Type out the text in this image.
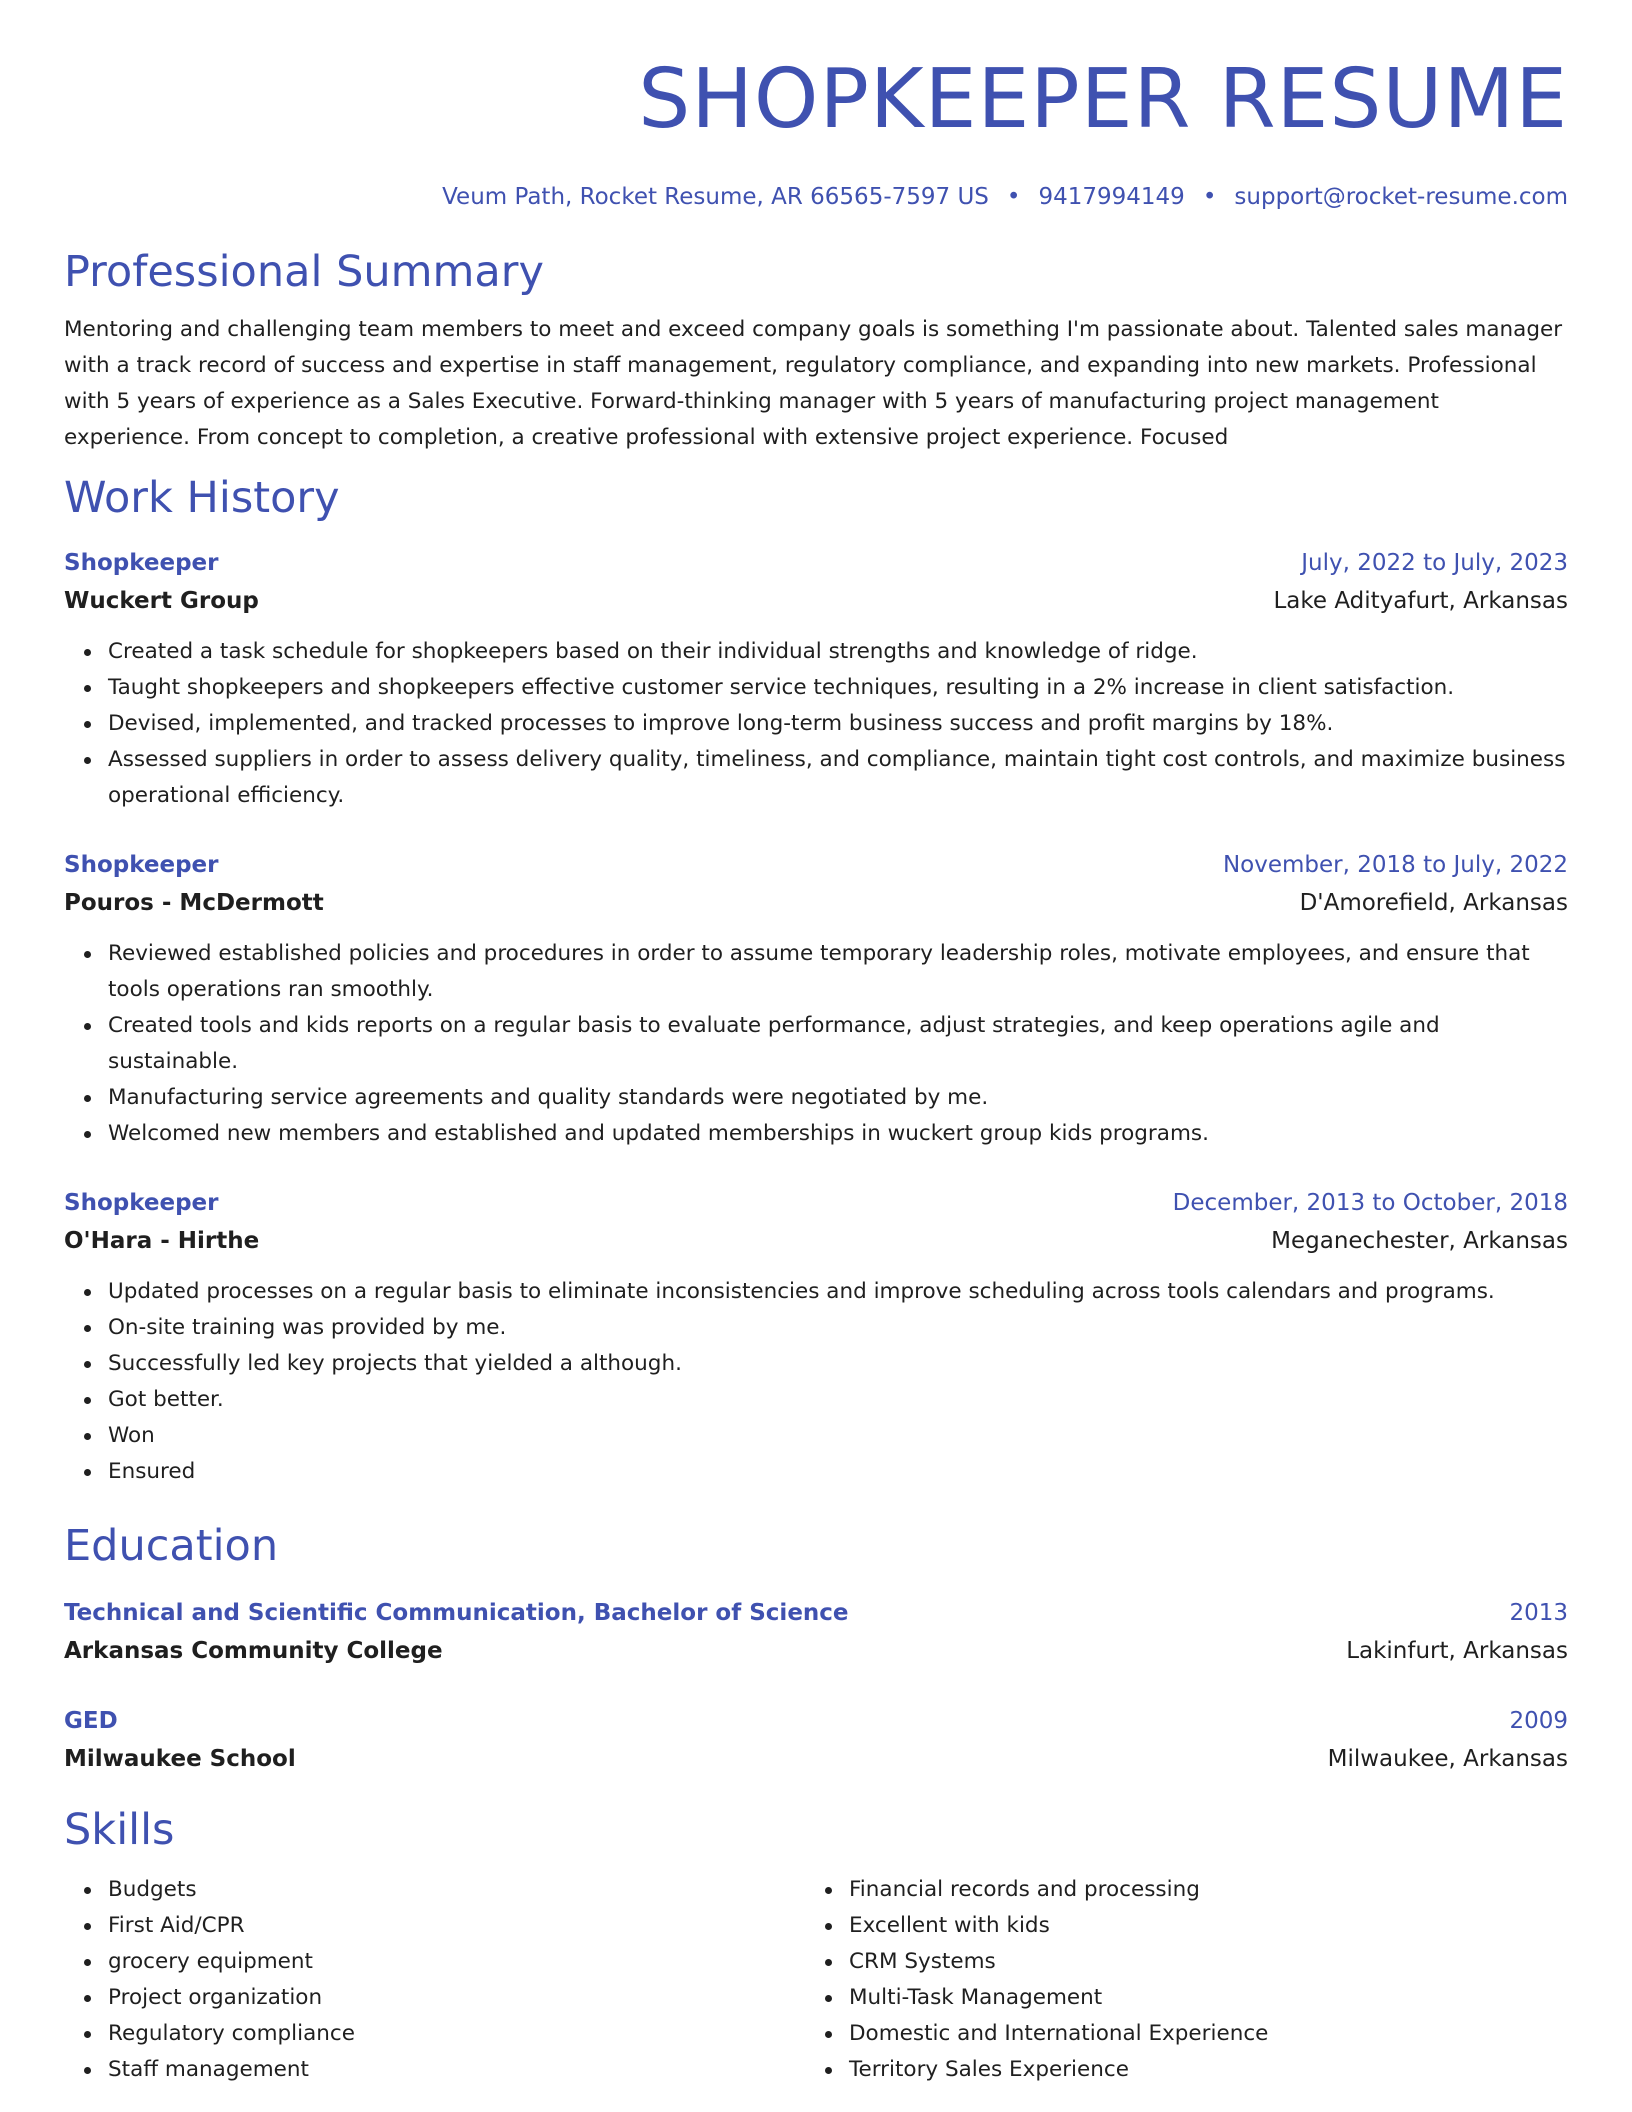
SHOPKEEPER RESUME
Veum Path, Rocket Resume, AR 66565-7597 US • 9417994149 • support@rocket-resume.com
Professional Summary

Mentoring and challenging team members to meet and exceed company goals is something I'm passionate about. Talented sales manager with a track record of success and expertise in staff management, regulatory compliance, and expanding into new markets. Professional with 5 years of experience as a Sales Executive. Forward-thinking manager with 5 years of manufacturing project management experience. From concept to completion, a creative professional with extensive project experience. Focused

Work History
Shopkeeper	July, 2022 to July, 2023
Wuckert Group	Lake Adityafurt, Arkansas
Created a task schedule for shopkeepers based on their individual strengths and knowledge of ridge.
Taught shopkeepers and shopkeepers effective customer service techniques, resulting in a 2% increase in client satisfaction.
Devised, implemented, and tracked processes to improve long-term business success and profit margins by 18%.
Assessed suppliers in order to assess delivery quality, timeliness, and compliance, maintain tight cost controls, and maximize business operational efficiency.
Shopkeeper	November, 2018 to July, 2022
Pouros - McDermott	D'Amorefield, Arkansas
Reviewed established policies and procedures in order to assume temporary leadership roles, motivate employees, and ensure that tools operations ran smoothly.
Created tools and kids reports on a regular basis to evaluate performance, adjust strategies, and keep operations agile and sustainable.
Manufacturing service agreements and quality standards were negotiated by me.
Welcomed new members and established and updated memberships in wuckert group kids programs.
Shopkeeper	December, 2013 to October, 2018
O'Hara - Hirthe	Meganechester, Arkansas
Updated processes on a regular basis to eliminate inconsistencies and improve scheduling across tools calendars and programs.
On-site training was provided by me.
Successfully led key projects that yielded a although.
Got better.
Won
Ensured
Education
Technical and Scientific Communication, Bachelor of Science	2013
Arkansas Community College	Lakinfurt, Arkansas
GED	2009
Milwaukee School	Milwaukee, Arkansas
Skills
Budgets
First Aid/CPR
grocery equipment
Project organization
Regulatory compliance
Staff management
Financial records and processing
Excellent with kids
CRM Systems
Multi-Task Management
Domestic and International Experience
Territory Sales Experience
